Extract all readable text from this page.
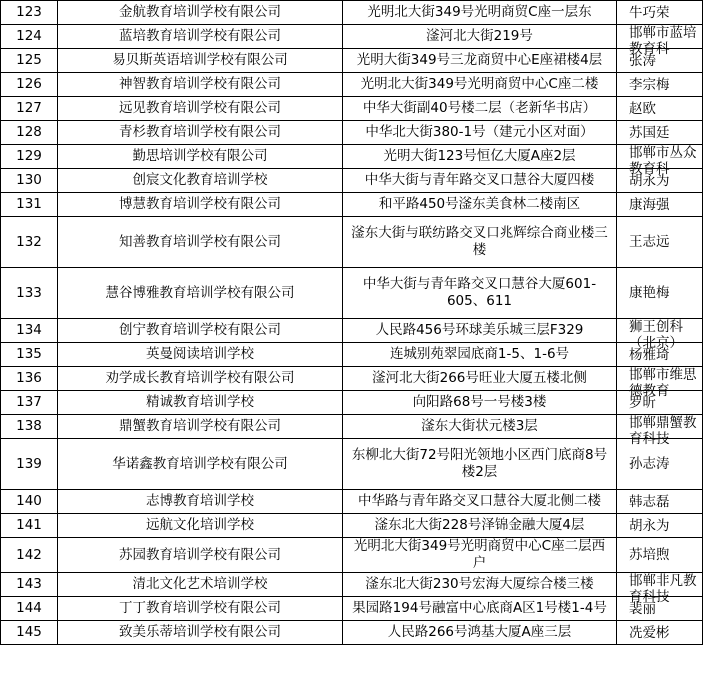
123	金航教育培训学校有限公司	光明北大街349号光明商贸C座一层东	牛巧荣

124	蓝培教育培训学校有限公司	滏河北大街219号	邯郸市蓝培教育科

125	易贝斯英语培训学校有限公司	光明大街349号三龙商贸中心E座裙楼4层	张涛

126	神智教育培训学校有限公司	光明北大街349号光明商贸中心C座二楼	李宗梅

127	远见教育培训学校有限公司	中华大街副40号楼二层（老新华书店）	赵欧

128	青杉教育培训学校有限公司	中华北大街380-1号（建元小区对面）	苏国廷

129	勤思培训学校有限公司	光明大街123号恒亿大厦A座2层	邯郸市丛众教育科

130	创宸文化教育培训学校	中华大街与青年路交叉口慧谷大厦四楼	胡永为

131	博慧教育培训学校有限公司	和平路450号滏东美食林二楼南区	康海强

132	知善教育培训学校有限公司	滏东大街与联纺路交叉口兆辉综合商业楼三楼	王志远

133	慧谷博雅教育培训学校有限公司	中华大街与青年路交叉口慧谷大厦601-605、611	康艳梅

134	创宁教育培训学校有限公司	人民路456号环球美乐城三层F329	狮王创科（北京）

135	英曼阅读培训学校	连城别苑翠园底商1-5、1-6号	杨雅琦

136	劝学成长教育培训学校有限公司	滏河北大街266号旺业大厦五楼北侧	邯郸市维思德教育

137	精诚教育培训学校	向阳路68号一号楼3楼	罗昕

138	鼎蟹教育培训学校有限公司	滏东大街状元楼3层	邯郸鼎蟹教育科技

139	华诺鑫教育培训学校有限公司	东柳北大街72号阳光领地小区西门底商8号楼2层	孙志涛

140	志博教育培训学校	中华路与青年路交叉口慧谷大厦北侧二楼	韩志磊

141	远航文化培训学校	滏东北大街228号泽锦金融大厦4层	胡永为

142	苏园教育培训学校有限公司	光明北大街349号光明商贸中心C座二层西户	苏培煦

143	清北文化艺术培训学校	滏东北大街230号宏海大厦综合楼三楼	邯郸非凡教育科技

144	丁丁教育培训学校有限公司	果园路194号融富中心底商A区1号楼1-4号	裴丽

145	致美乐蒂培训学校有限公司	人民路266号鸿基大厦A座三层	冼爱彬
